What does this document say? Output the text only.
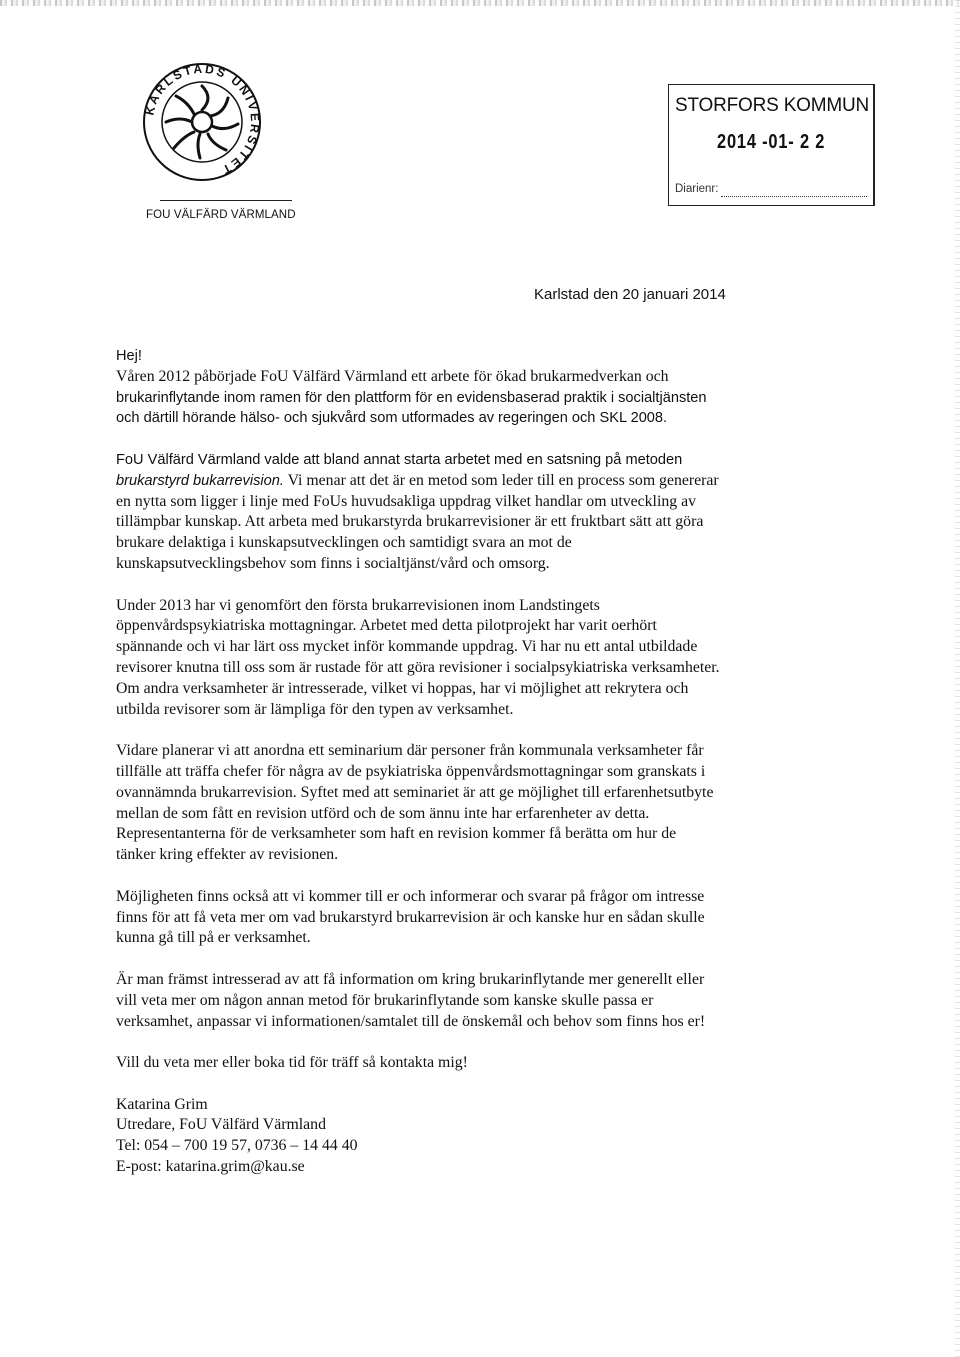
KARLSTADS UNIVERSITET
FOU VÄLFÄRD VÄRMLAND
STORFORS KOMMUN
2014 -01- 2 2
Diarienr:
Karlstad den 20 januari 2014

Hej!

Våren 2012 påbörjade FoU Välfärd Värmland ett arbete för ökad brukarmedverkan och

brukarinflytande inom ramen för den plattform för en evidensbaserad praktik i socialtjänsten

och därtill hörande hälso- och sjukvård som utformades av regeringen och SKL 2008.

FoU Välfärd Värmland valde att bland annat starta arbetet med en satsning på metoden

brukarstyrd bukarrevision. Vi menar att det är en metod som leder till en process som genererar

en nytta som ligger i linje med FoUs huvudsakliga uppdrag vilket handlar om utveckling av

tillämpbar kunskap. Att arbeta med brukarstyrda brukarrevisioner är ett fruktbart sätt att göra

brukare delaktiga i kunskapsutvecklingen och samtidigt svara an mot de

kunskapsutvecklingsbehov som finns i socialtjänst/vård och omsorg.

Under 2013 har vi genomfört den första brukarrevisionen inom Landstingets

öppenvårdspsykiatriska mottagningar. Arbetet med detta pilotprojekt har varit oerhört

spännande och vi har lärt oss mycket inför kommande uppdrag. Vi har nu ett antal utbildade

revisorer knutna till oss som är rustade för att göra revisioner i socialpsykiatriska verksamheter.

Om andra verksamheter är intresserade, vilket vi hoppas, har vi möjlighet att rekrytera och

utbilda revisorer som är lämpliga för den typen av verksamhet.

Vidare planerar vi att anordna ett seminarium där personer från kommunala verksamheter får

tillfälle att träffa chefer för några av de psykiatriska öppenvårdsmottagningar som granskats i

ovannämnda brukarrevision. Syftet med att seminariet är att ge möjlighet till erfarenhetsutbyte

mellan de som fått en revision utförd och de som ännu inte har erfarenheter av detta.

Representanterna för de verksamheter som haft en revision kommer få berätta om hur de

tänker kring effekter av revisionen.

Möjligheten finns också att vi kommer till er och informerar och svarar på frågor om intresse

finns för att få veta mer om vad brukarstyrd brukarrevision är och kanske hur en sådan skulle

kunna gå till på er verksamhet.

Är man främst intresserad av att få information om kring brukarinflytande mer generellt eller

vill veta mer om någon annan metod för brukarinflytande som kanske skulle passa er

verksamhet, anpassar vi informationen/samtalet till de önskemål och behov som finns hos er!

Vill du veta mer eller boka tid för träff så kontakta mig!

Katarina Grim

Utredare, FoU Välfärd Värmland

Tel: 054 – 700 19 57, 0736 – 14 44 40

E-post: katarina.grim@kau.se
